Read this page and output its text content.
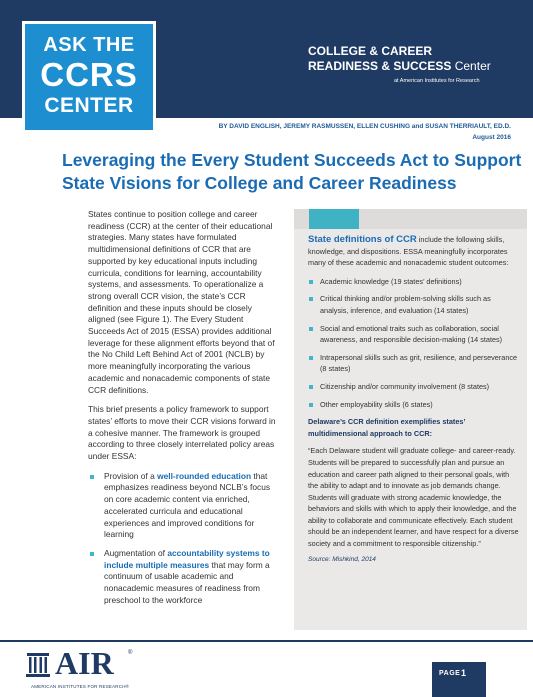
ASK THE
CCRS
CENTER
COLLEGE & CAREER
READINESS & SUCCESS Center
at American Institutes for Research
BY DAVID ENGLISH, JEREMY RASMUSSEN, ELLEN CUSHING and SUSAN THERRIAULT, ED.D.
August 2016
Leveraging the Every Student Succeeds Act to Support
State Visions for College and Career Readiness

States continue to position college and career readiness (CCR) at the center of their educational strategies. Many states have formulated multidimensional definitions of CCR that are supported by key educational inputs including curricula, conditions for learning, accountability systems, and assessments. To operationalize a strong overall CCR vision, the state’s CCR definition and these inputs should be closely aligned (see Figure 1). The Every Student Succeeds Act of 2015 (ESSA) provides additional leverage for these alignment efforts beyond that of the No Child Left Behind Act of 2001 (NCLB) by more meaningfully incorporating the various academic and nonacademic components of state CCR definitions.

This brief presents a policy framework to support states’ efforts to move their CCR visions forward in a cohesive manner. The framework is grouped according to three closely interrelated policy areas under ESSA:

Provision of a well-rounded education that emphasizes readiness beyond NCLB’s focus on core academic content via enriched, accelerated curricula and educational experiences and improved conditions for learning
Augmentation of accountability systems to include multiple measures that may form a continuum of usable academic and nonacademic measures of readiness from preschool to the workforce
State definitions of CCR include the following skills, knowledge, and dispositions. ESSA meaningfully incorporates many of these academic and nonacademic student outcomes:
Academic knowledge (19 states’ definitions)
Critical thinking and/or problem-solving skills such as analysis, inference, and evaluation (14 states)
Social and emotional traits such as collaboration, social awareness, and responsible decision-making (14 states)
Intrapersonal skills such as grit, resilience, and perseverance (8 states)
Citizenship and/or community involvement (8 states)
Other employability skills (6 states)
Delaware’s CCR definition exemplifies states’ multidimensional approach to CCR:
“Each Delaware student will graduate college- and career-ready. Students will be prepared to successfully plan and pursue an education and career path aligned to their personal goals, with the ability to adapt and to innovate as job demands change. Students will graduate with strong academic knowledge, the behaviors and skills with which to apply their knowledge, and the ability to collaborate and communicate effectively. Each student should be an independent learner, and have respect for a diverse society and a commitment to responsible citizenship.”
Source: Mishkind, 2014
AIR ®
AMERICAN INSTITUTES FOR RESEARCH®
PAGE 1
